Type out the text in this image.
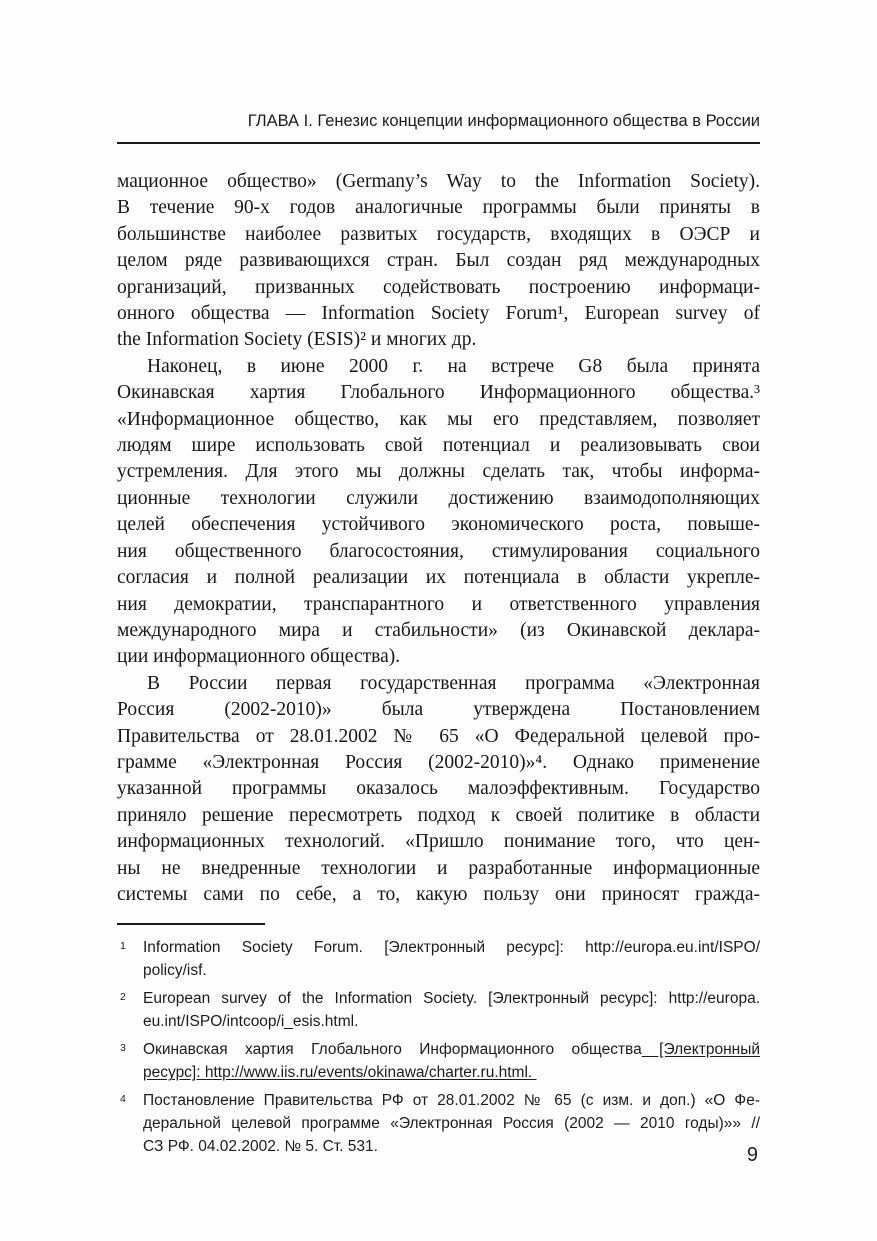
ГЛАВА I. Генезис концепции информационного общества в России
мационное общество» (Germany’s Way to the Information Society).
В течение 90-х годов аналогичные программы были приняты в
большинстве наиболее развитых государств, входящих в ОЭСР и
целом ряде развивающихся стран. Был создан ряд международных
организаций, призванных содействовать построению информаци-
онного общества — Information Society Forum¹, European survey of
the Information Society (ESIS)² и многих др.
Наконец, в июне 2000 г. на встрече G8 была принята
Окинавская хартия Глобального Информационного общества.³
«Информационное общество, как мы его представляем, позволяет
людям шире использовать свой потенциал и реализовывать свои
устремления. Для этого мы должны сделать так, чтобы информа-
ционные технологии служили достижению взаимодополняющих
целей обеспечения устойчивого экономического роста, повыше-
ния общественного благосостояния, стимулирования социального
согласия и полной реализации их потенциала в области укрепле-
ния демократии, транспарантного и ответственного управления
международного мира и стабильности» (из Окинавской деклара-
ции информационного общества).
В России первая государственная программа «Электронная
Россия (2002-2010)» была утверждена Постановлением
Правительства от 28.01.2002 № 65 «О Федеральной целевой про-
грамме «Электронная Россия (2002-2010)»⁴. Однако применение
указанной программы оказалось малоэффективным. Государство
приняло решение пересмотреть подход к своей политике в области
информационных технологий. «Пришло понимание того, что цен-
ны не внедренные технологии и разработанные информационные
системы сами по себе, а то, какую пользу они приносят гражда-
1 Information Society Forum. [Электронный ресурс]: http://europa.eu.int/ISPO/
policy/isf.
2 European survey of the Information Society. [Электронный ресурс]: http://europa.
eu.int/ISPO/intcoop/i_esis.html.
3 Окинавская хартия Глобального Информационного общества [Электронный
ресурс]: http://www.iis.ru/events/okinawa/charter.ru.html.
4 Постановление Правительства РФ от 28.01.2002 № 65 (с изм. и доп.) «О Фе-
деральной целевой программе «Электронная Россия (2002 — 2010 годы)»» //
СЗ РФ. 04.02.2002. № 5. Ст. 531.	9
